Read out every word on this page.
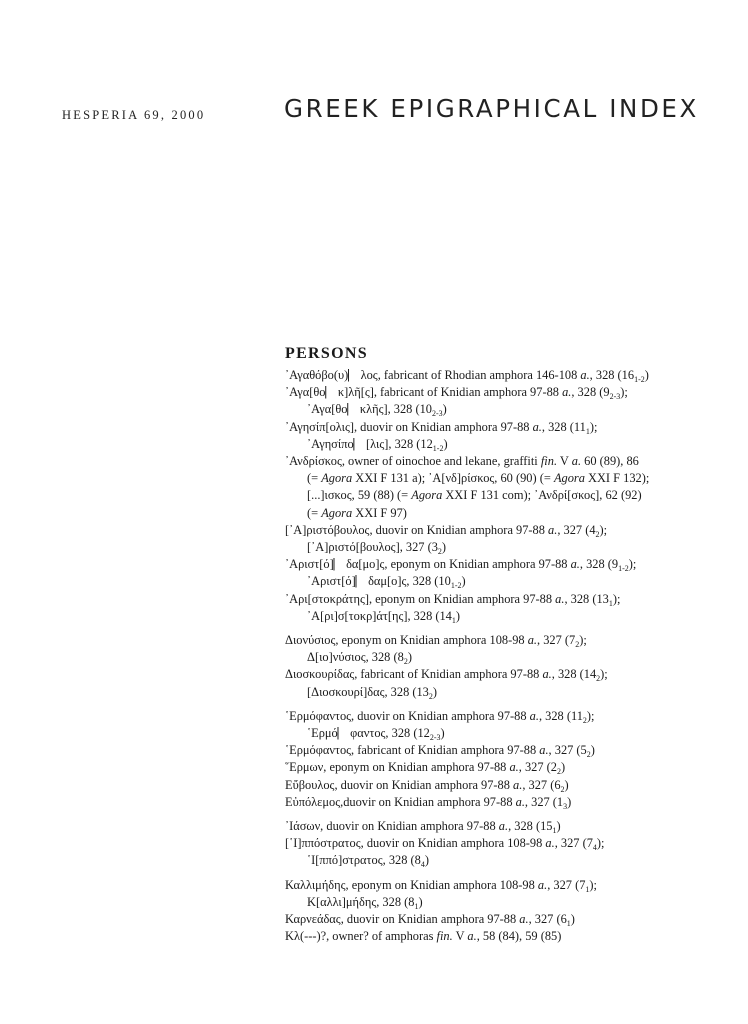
HESPERIA 69, 2000	GREEK EPIGRAPHICAL INDEX
PERSONS
᾿Αγαθόβο(υ)⎸λος, fabricant of Rhodian amphora 146-108 a., 328 $(16_{1-2})$
᾿Αγα[θο⎸κ]λῆ[ς], fabricant of Knidian amphora 97-88 a., 328 $(9_{2-3})$;
᾿Αγα[θο⎸κλῆς], 328 $(10_{2-3})$
᾿Αγησίπ[ολις], duovir on Knidian amphora 97-88 a., 328 $(11_1)$;
᾿Αγησίπο⎸[λις], 328 $(12_{1-2})$
᾿Ανδρίσκος, owner of oinochoe and lekane, graffiti fin. V a. 60 (89), 86
(= Agora XXI F 131 a); ᾿Α[νδ]ρίσκος, 60 (90) (= Agora XXI F 132);
[...]ισκος, 59 (88) (= Agora XXI F 131 com); ᾿Ανδρί[σκος], 62 (92)
(= Agora XXI F 97)
[᾿Α]ριστόβουλος, duovir on Knidian amphora 97-88 a., 327 $(4_2)$;
[᾿Α]ριστό[βουλος], 327 $(3_2)$
᾿Αριστ[ό]⎸δα[μο]ς, eponym on Knidian amphora 97-88 a., 328 $(9_{1-2})$;
᾿Αριστ[ό]⎸δαμ[ο]ς, 328 $(10_{1-2})$
᾿Αρι[στοκράτης], eponym on Knidian amphora 97-88 a., 328 $(13_1)$;
᾿Α[ρι]σ[τοκρ]άτ[ης], 328 $(14_1)$
Διονύσιος, eponym on Knidian amphora 108-98 a., 327 $(7_2)$;
Δ[ιο]νύσιος, 328 $(8_2)$
Διοσκουρίδας, fabricant of Knidian amphora 97-88 a., 328 $(14_2)$;
[Διοσκουρί]δας, 328 $(13_2)$
῾Ερμόφαντος, duovir on Knidian amphora 97-88 a., 328 $(11_2)$;
῾Ερμό⎸φαντος, 328 $(12_{2-3})$
῾Ερμόφαντος, fabricant of Knidian amphora 97-88 a., 327 $(5_2)$
῞Ερμων, eponym on Knidian amphora 97-88 a., 327 $(2_2)$
Εὔβουλος, duovir on Knidian amphora 97-88 a., 327 $(6_2)$
Εὐπόλεμος,duovir on Knidian amphora 97-88 a., 327 $(1_3)$
᾿Ιάσων, duovir on Knidian amphora 97-88 a., 328 $(15_1)$
[῾Ι]ππόστρατος, duovir on Knidian amphora 108-98 a., 327 $(7_4)$;
῾Ι[ππό]στρατος, 328 $(8_4)$
Καλλιμήδης, eponym on Knidian amphora 108-98 a., 327 $(7_1)$;
Κ[αλλι]μήδης, 328 $(8_1)$
Καρνεάδας, duovir on Knidian amphora 97-88 a., 327 $(6_1)$
Κλ(---)?, owner? of amphoras fin. V a., 58 (84), 59 (85)
